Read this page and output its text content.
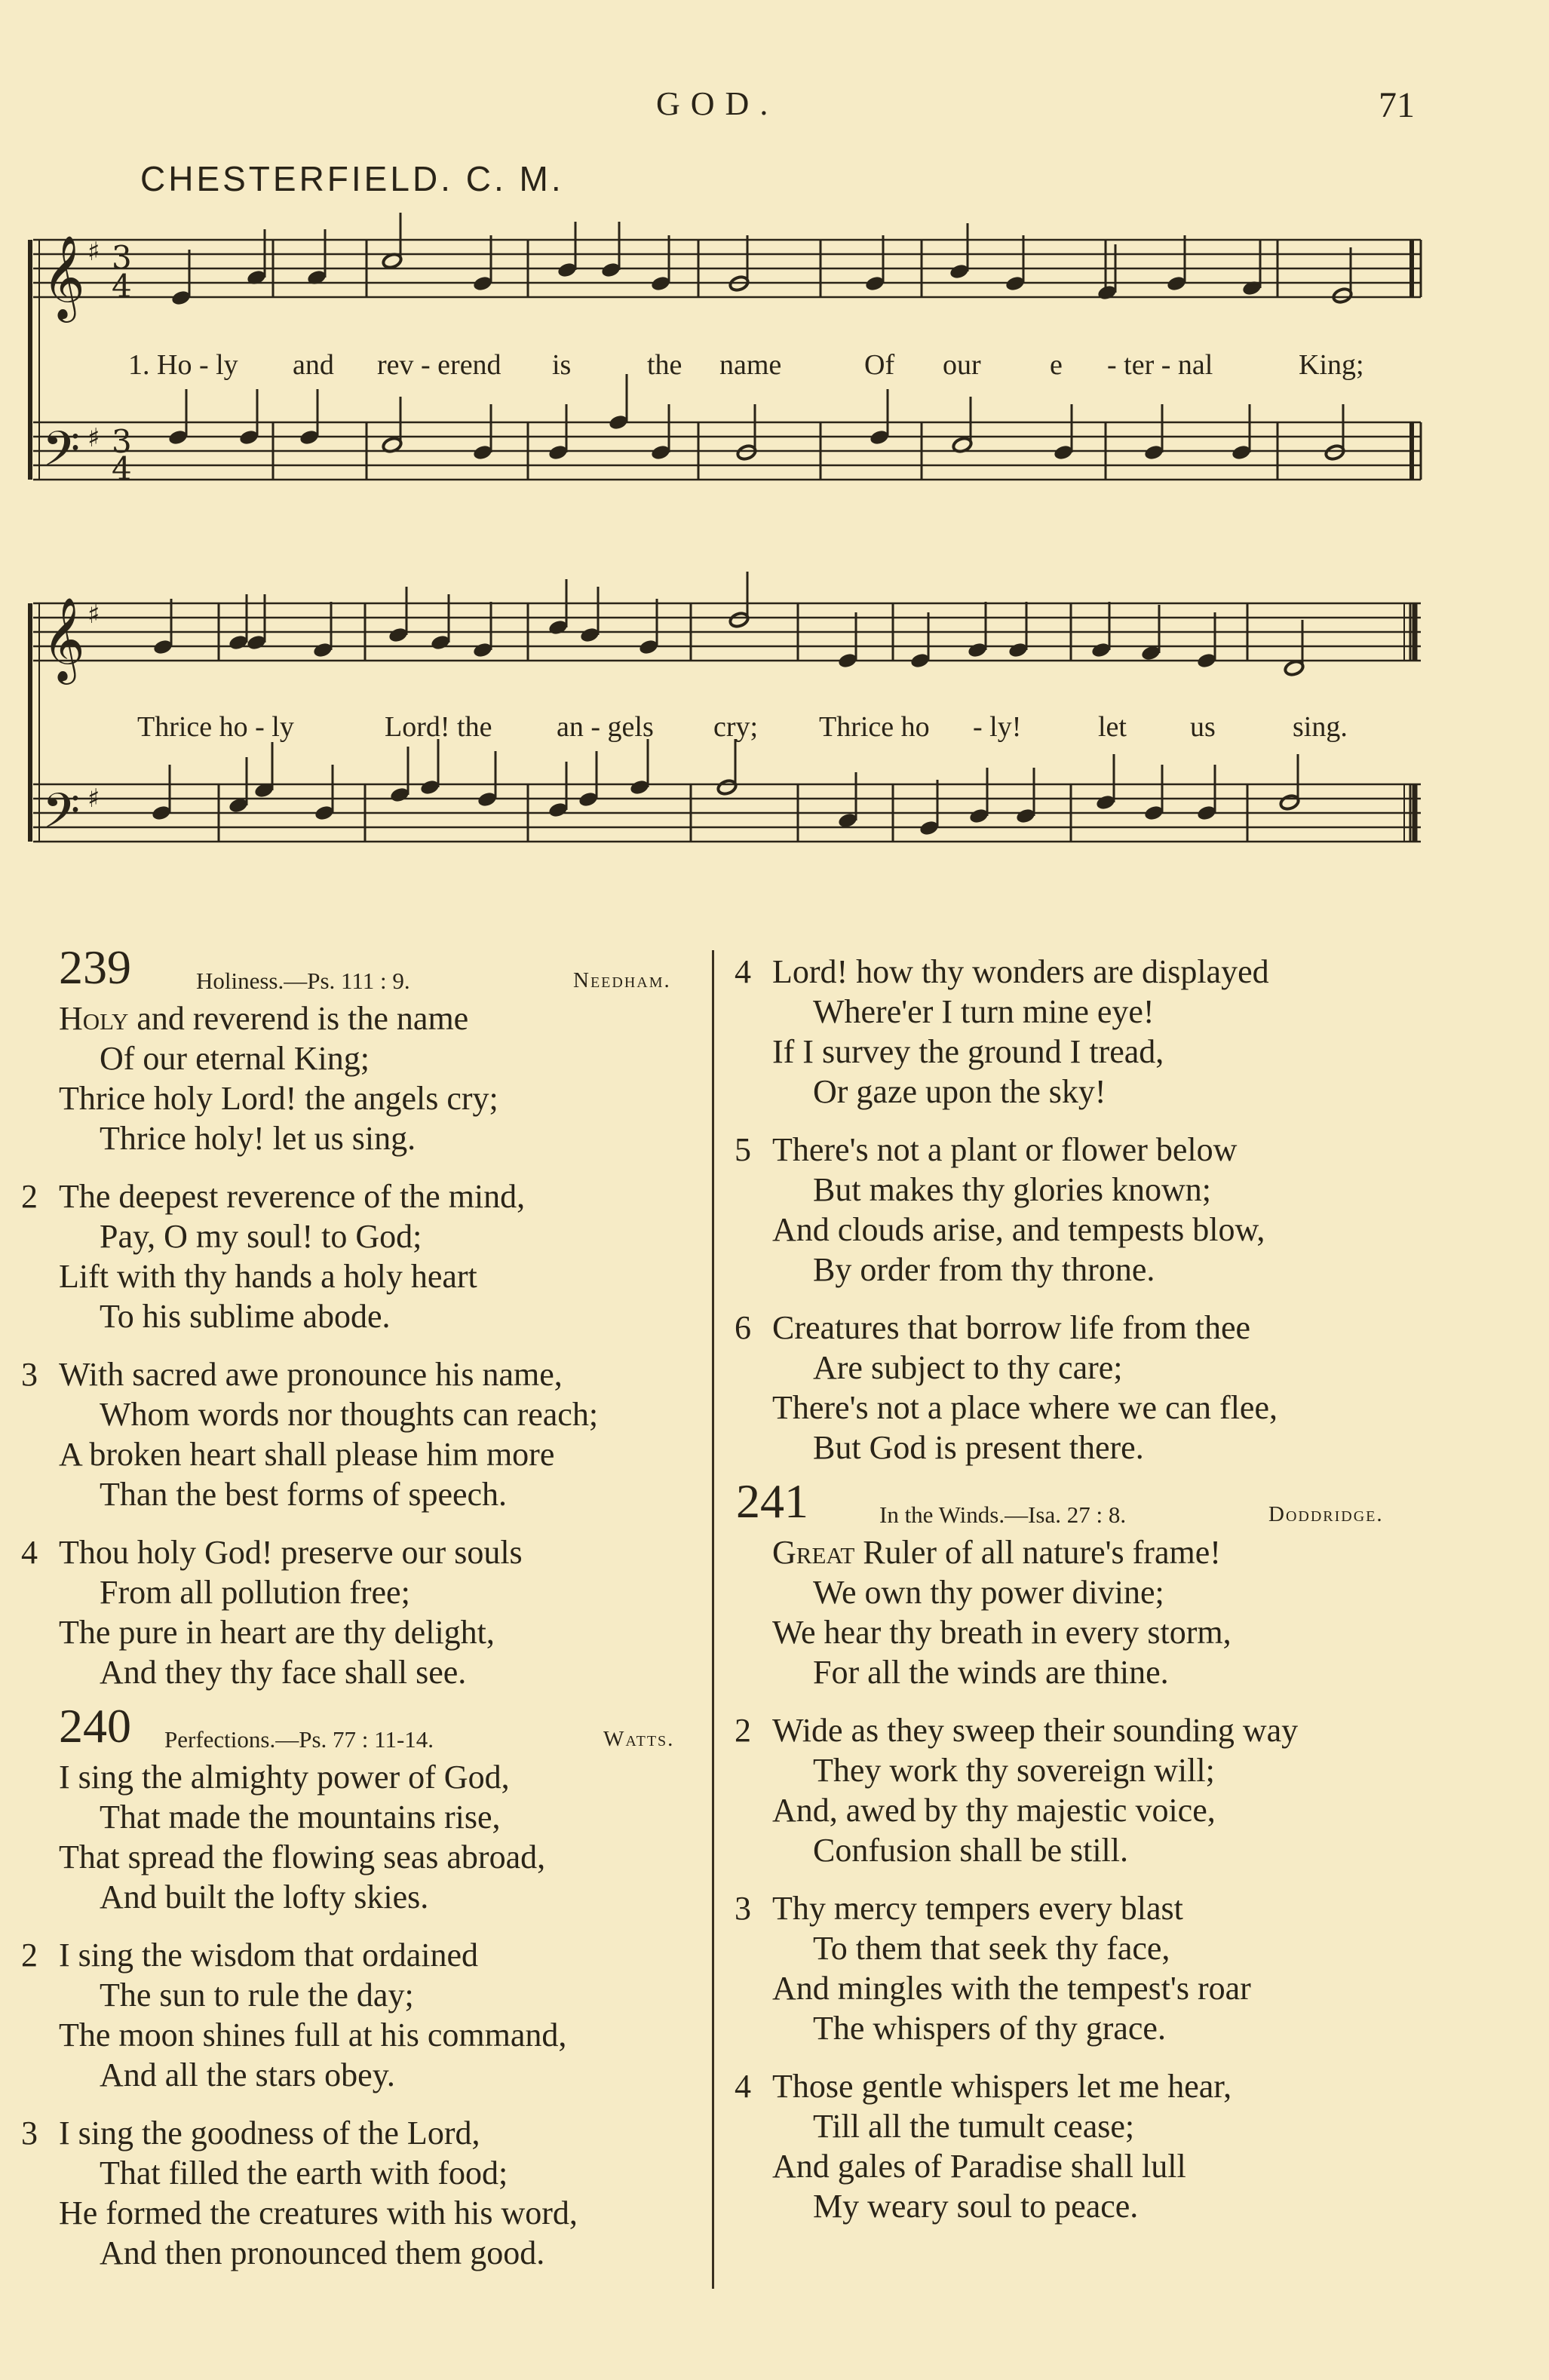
GOD.	71
CHESTERFIELD. C. M.
𝄞
𝄢
𝄞
𝄢
♯
♯
♯
♯
3
4
3
4
1. Ho - ly and rev - erend is	the name	Of our e - ter - nal	King;
Thrice ho - ly	Lord! the an - gels cry; Thrice ho - ly!	let us	sing.
239	Holiness.—Ps. 111 : 9.	Needham.
Holy and reverend is the name
Of our eternal King;
Thrice holy Lord! the angels cry;
Thrice holy! let us sing.
2 The deepest reverence of the mind,
Pay, O my soul! to God;
Lift with thy hands a holy heart
To his sublime abode.
3 With sacred awe pronounce his name,
Whom words nor thoughts can reach;
A broken heart shall please him more
Than the best forms of speech.
4 Thou holy God! preserve our souls
From all pollution free;
The pure in heart are thy delight,
And they thy face shall see.
240 Perfections.—Ps. 77 : 11-14.	Watts.
I sing the almighty power of God,
That made the mountains rise,
That spread the flowing seas abroad,
And built the lofty skies.
2 I sing the wisdom that ordained
The sun to rule the day;
The moon shines full at his command,
And all the stars obey.
3 I sing the goodness of the Lord,
That filled the earth with food;
He formed the creatures with his word,
And then pronounced them good.
4 Lord! how thy wonders are displayed
Where'er I turn mine eye!
If I survey the ground I tread,
Or gaze upon the sky!
5 There's not a plant or flower below
But makes thy glories known;
And clouds arise, and tempests blow,
By order from thy throne.
6 Creatures that borrow life from thee
Are subject to thy care;
There's not a place where we can flee,
But God is present there.
241	In the Winds.—Isa. 27 : 8.	Doddridge.
Great Ruler of all nature's frame!
We own thy power divine;
We hear thy breath in every storm,
For all the winds are thine.
2 Wide as they sweep their sounding way
They work thy sovereign will;
And, awed by thy majestic voice,
Confusion shall be still.
3 Thy mercy tempers every blast
To them that seek thy face,
And mingles with the tempest's roar
The whispers of thy grace.
4 Those gentle whispers let me hear,
Till all the tumult cease;
And gales of Paradise shall lull
My weary soul to peace.
